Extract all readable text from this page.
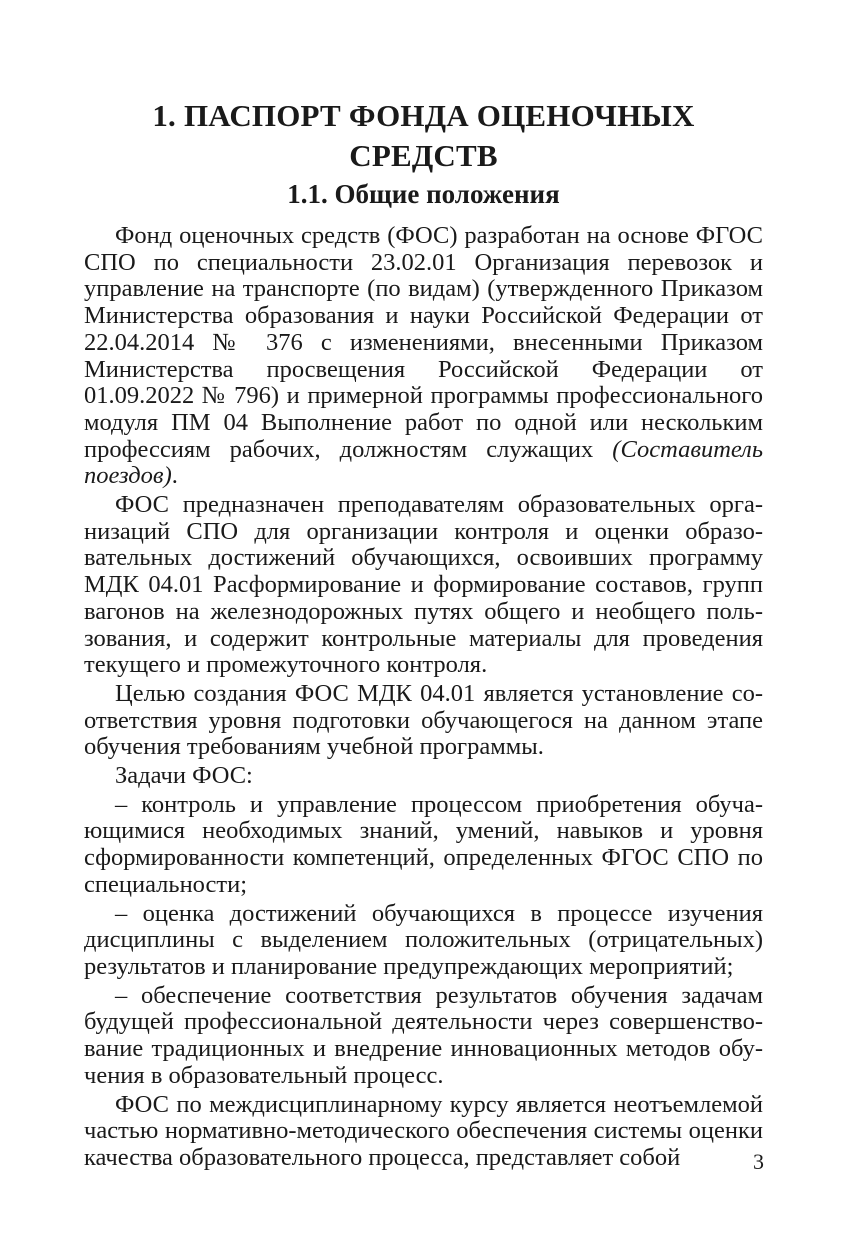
1. ПАСПОРТ ФОНДА ОЦЕНОЧНЫХ СРЕДСТВ
1.1. Общие положения

Фонд оценочных средств (ФОС) разработан на основе ФГОС СПО по специальности 23.02.01 Организация перевозок и управление на транспорте (по видам) (утвержденного Приказом Министерства образования и науки Российской Федерации от 22.04.2014 № 376 с изменениями, внесенными Приказом Министерства просвещения Российской Федерации от 01.09.2022 № 796) и примерной программы профессионального модуля ПМ 04 Выполнение работ по одной или нескольким профессиям рабочих, должностям служащих (Составитель поездов).

ФОС предназначен преподавателям образовательных организаций СПО для организации контроля и оценки образовательных достижений обучающихся, освоивших программу МДК 04.01 Расформирование и формирование составов, групп вагонов на железнодорожных путях общего и необщего пользования, и содержит контрольные материалы для проведения текущего и промежуточного контроля.

Целью создания ФОС МДК 04.01 является установление соответствия уровня подготовки обучающегося на данном этапе обучения требованиям учебной программы.

Задачи ФОС:

– контроль и управление процессом приобретения обучающимися необходимых знаний, умений, навыков и уровня сформированности компетенций, определенных ФГОС СПО по специальности;

– оценка достижений обучающихся в процессе изучения дисциплины с выделением положительных (отрицательных) результатов и планирование предупреждающих мероприятий;

– обеспечение соответствия результатов обучения задачам будущей профессиональной деятельности через совершенствование традиционных и внедрение инновационных методов обучения в образовательный процесс.

ФОС по междисциплинарному курсу является неотъемлемой частью нормативно-методического обеспечения системы оценки качества образовательного процесса, представляет собой	3
